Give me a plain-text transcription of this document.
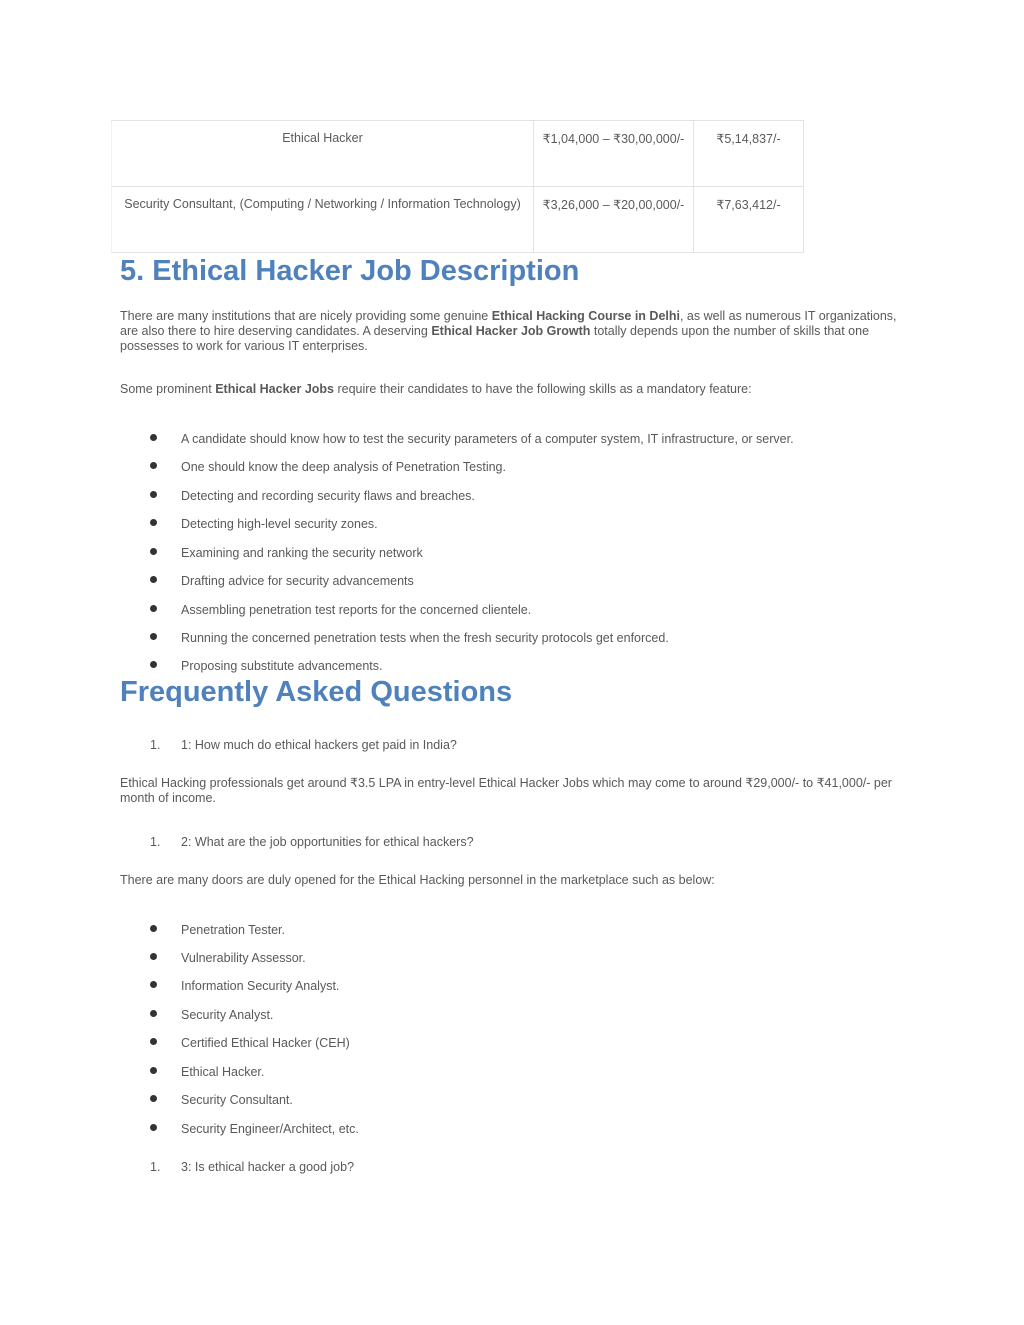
Ethical Hacker	₹1,04,000 – ₹30,00,000/-	₹5,14,837/-
Security Consultant, (Computing / Networking / Information Technology)	₹3,26,000 – ₹20,00,000/-	₹7,63,412/-
5. Ethical Hacker Job Description

There are many institutions that are nicely providing some genuine Ethical Hacking Course in Delhi, as well as numerous IT organizations, are also there to hire deserving candidates. A deserving Ethical Hacker Job Growth totally depends upon the number of skills that one possesses to work for various IT enterprises.

Some prominent Ethical Hacker Jobs require their candidates to have the following skills as a mandatory feature:

A candidate should know how to test the security parameters of a computer system, IT infrastructure, or server.
One should know the deep analysis of Penetration Testing.
Detecting and recording security flaws and breaches.
Detecting high-level security zones.
Examining and ranking the security network
Drafting advice for security advancements
Assembling penetration test reports for the concerned clientele.
Running the concerned penetration tests when the fresh security protocols get enforced.
Proposing substitute advancements.
Frequently Asked Questions
1. 1: How much do ethical hackers get paid in India?

Ethical Hacking professionals get around ₹3.5 LPA in entry-level Ethical Hacker Jobs which may come to around ₹29,000/- to ₹41,000/- per month of income.

1. 2: What are the job opportunities for ethical hackers?

There are many doors are duly opened for the Ethical Hacking personnel in the marketplace such as below:

Penetration Tester.
Vulnerability Assessor.
Information Security Analyst.
Security Analyst.
Certified Ethical Hacker (CEH)
Ethical Hacker.
Security Consultant.
Security Engineer/Architect, etc.
1. 3: Is ethical hacker a good job?
